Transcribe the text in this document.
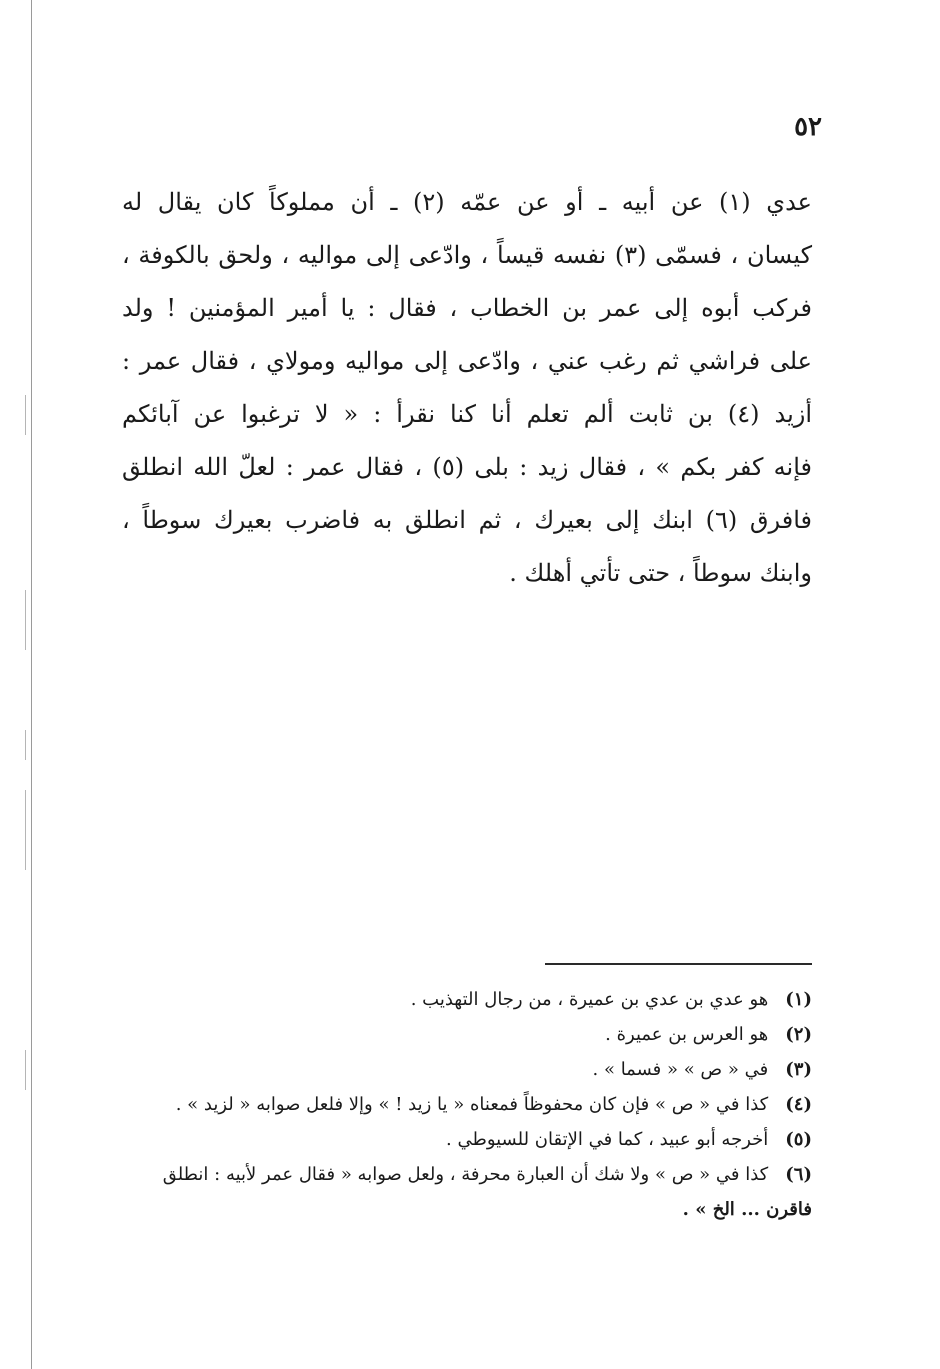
٥٢
عدي (١) عن أبيه ـ أو عن عمّه (٢) ـ أن مملوكاً كان يقال له
كيسان ، فسمّى (٣) نفسه قيساً ، وادّعى إلى مواليه ، ولحق بالكوفة ،
فركب أبوه إلى عمر بن الخطاب ، فقال : يا أمير المؤمنين ! ولد
على فراشي ثم رغب عني ، وادّعى إلى مواليه ومولاي ، فقال عمر :
أزيد (٤) بن ثابت ألم تعلم أنا كنا نقرأ : « لا ترغبوا عن آبائكم
فإنه كفر بكم » ، فقال زيد : بلى (٥) ، فقال عمر : لعلّ الله انطلق
فافرق (٦) ابنك إلى بعيرك ، ثم انطلق به فاضرب بعيرك سوطاً ،
وابنك سوطاً ، حتى تأتي أهلك .
(١) هو عدي بن عدي بن عميرة ، من رجال التهذيب .
(٢) هو العرس بن عميرة .
(٣) في « ص » « فسما » .
(٤) كذا في « ص » فإن كان محفوظاً فمعناه « يا زيد ! » وإلا فلعل صوابه « لزيد » .
(٥) أخرجه أبو عبيد ، كما في الإتقان للسيوطي .
(٦) كذا في « ص » ولا شك أن العبارة محرفة ، ولعل صوابه « فقال عمر لأبيه : انطلق
فاقرن ... الخ » .
